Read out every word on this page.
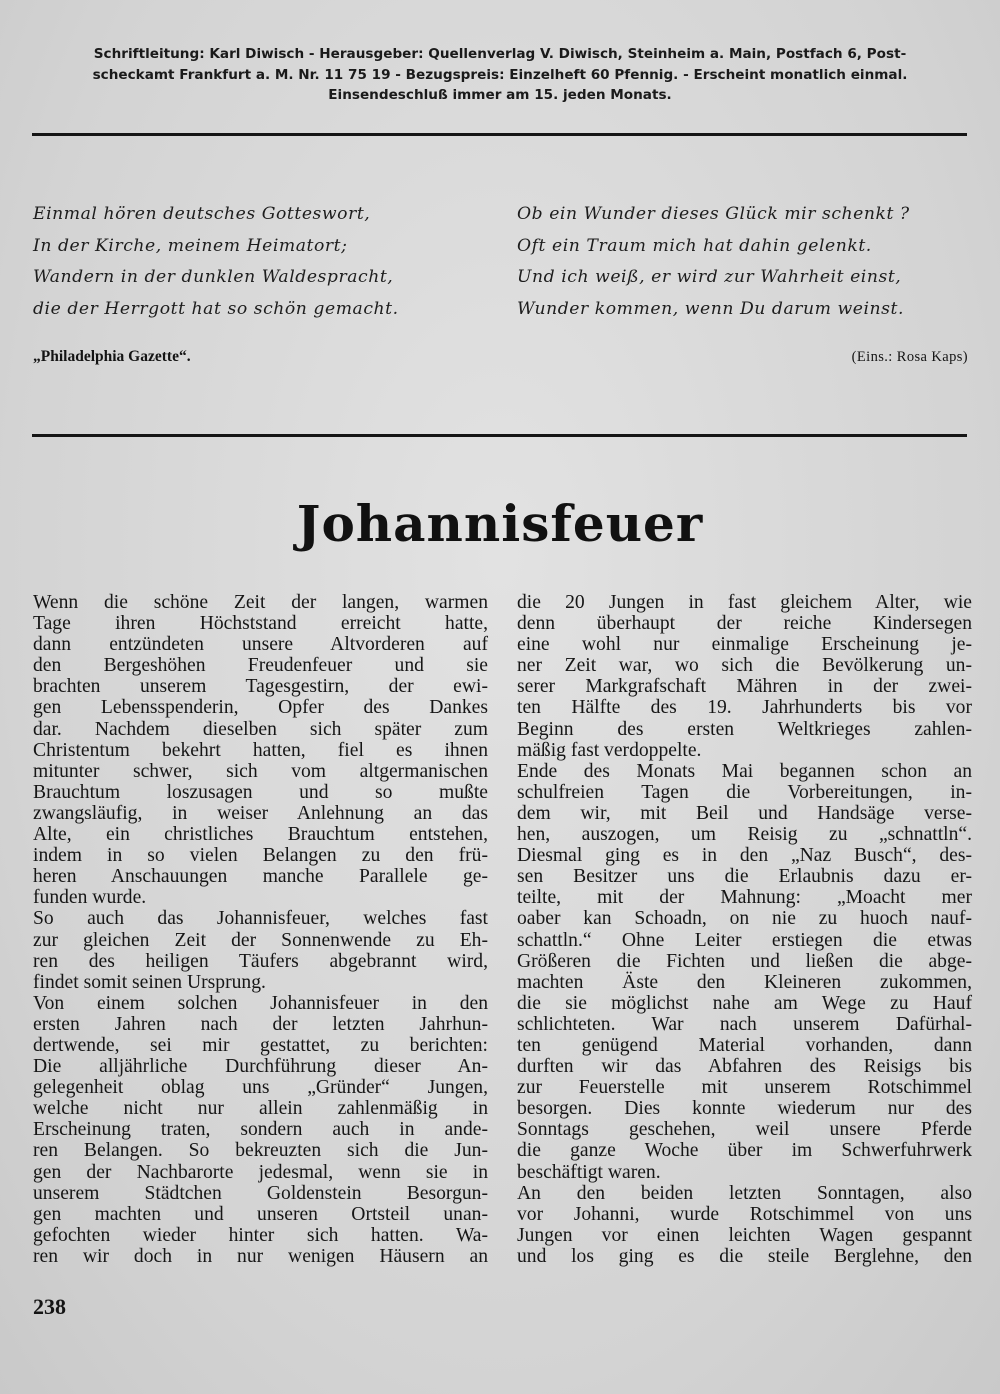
Schriftleitung: Karl Diwisch - Herausgeber: Quellenverlag V. Diwisch, Steinheim a. Main, Postfach 6, Post-
scheckamt Frankfurt a. M. Nr. 11 75 19 - Bezugspreis: Einzelheft 60 Pfennig. - Erscheint monatlich einmal.
Einsendeschluß immer am 15. jeden Monats.
Einmal hören deutsches Gotteswort,
In der Kirche, meinem Heimatort;
Wandern in der dunklen Waldespracht,
die der Herrgott hat so schön gemacht.
Ob ein Wunder dieses Glück mir schenkt ?
Oft ein Traum mich hat dahin gelenkt.
Und ich weiß, er wird zur Wahrheit einst,
Wunder kommen, wenn Du darum weinst.
„Philadelphia Gazette“.	(Eins.: Rosa Kaps)
Johannisfeuer
Wenn die schöne Zeit der langen, warmen
Tage ihren Höchststand erreicht hatte,
dann entzündeten unsere Altvorderen auf
den Bergeshöhen Freudenfeuer und sie
brachten unserem Tagesgestirn, der ewi-
gen Lebensspenderin, Opfer des Dankes
dar. Nachdem dieselben sich später zum
Christentum bekehrt hatten, fiel es ihnen
mitunter schwer, sich vom altgermanischen
Brauchtum loszusagen und so mußte
zwangsläufig, in weiser Anlehnung an das
Alte, ein christliches Brauchtum entstehen,
indem in so vielen Belangen zu den frü-
heren Anschauungen manche Parallele ge-
funden wurde.
So auch das Johannisfeuer, welches fast
zur gleichen Zeit der Sonnenwende zu Eh-
ren des heiligen Täufers abgebrannt wird,
findet somit seinen Ursprung.
Von einem solchen Johannisfeuer in den
ersten Jahren nach der letzten Jahrhun-
dertwende, sei mir gestattet, zu berichten:
Die alljährliche Durchführung dieser An-
gelegenheit oblag uns „Gründer“ Jungen,
welche nicht nur allein zahlenmäßig in
Erscheinung traten, sondern auch in ande-
ren Belangen. So bekreuzten sich die Jun-
gen der Nachbarorte jedesmal, wenn sie in
unserem Städtchen Goldenstein Besorgun-
gen machten und unseren Ortsteil unan-
gefochten wieder hinter sich hatten. Wa-
ren wir doch in nur wenigen Häusern an
die 20 Jungen in fast gleichem Alter, wie
denn überhaupt der reiche Kindersegen
eine wohl nur einmalige Erscheinung je-
ner Zeit war, wo sich die Bevölkerung un-
serer Markgrafschaft Mähren in der zwei-
ten Hälfte des 19. Jahrhunderts bis vor
Beginn des ersten Weltkrieges zahlen-
mäßig fast verdoppelte.
Ende des Monats Mai begannen schon an
schulfreien Tagen die Vorbereitungen, in-
dem wir, mit Beil und Handsäge verse-
hen, auszogen, um Reisig zu „schnattln“.
Diesmal ging es in den „Naz Busch“, des-
sen Besitzer uns die Erlaubnis dazu er-
teilte, mit der Mahnung: „Moacht mer
oaber kan Schoadn, on nie zu huoch nauf-
schattln.“ Ohne Leiter erstiegen die etwas
Größeren die Fichten und ließen die abge-
machten Äste den Kleineren zukommen,
die sie möglichst nahe am Wege zu Hauf
schlichteten. War nach unserem Dafürhal-
ten genügend Material vorhanden, dann
durften wir das Abfahren des Reisigs bis
zur Feuerstelle mit unserem Rotschimmel
besorgen. Dies konnte wiederum nur des
Sonntags geschehen, weil unsere Pferde
die ganze Woche über im Schwerfuhrwerk
beschäftigt waren.
An den beiden letzten Sonntagen, also
vor Johanni, wurde Rotschimmel von uns
Jungen vor einen leichten Wagen gespannt
und los ging es die steile Berglehne, den
238
